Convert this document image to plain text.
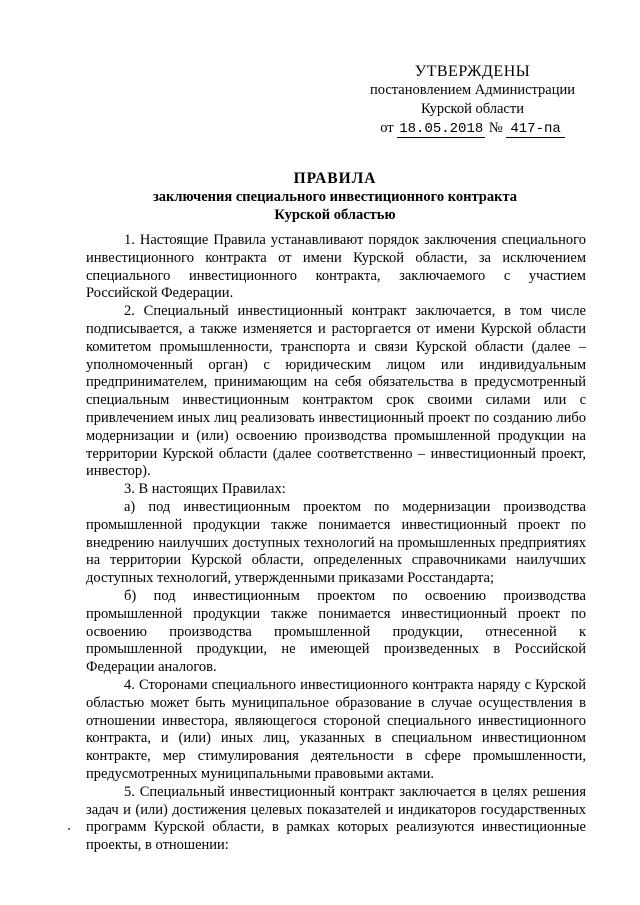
УТВЕРЖДЕНЫ
постановлением Администрации
Курской области
от 18.05.2018 № 417-па
ПРАВИЛА
заключения специального инвестиционного контракта
Курской областью

1. Настоящие Правила устанавливают порядок заключения специального инвестиционного контракта от имени Курской области, за исключением специального инвестиционного контракта, заключаемого с участием Российской Федерации.

2. Специальный инвестиционный контракт заключается, в том числе подписывается, а также изменяется и расторгается от имени Курской области комитетом промышленности, транспорта и связи Курской области (далее – уполномоченный орган) с юридическим лицом или индивидуальным предпринимателем, принимающим на себя обязательства в предусмотренный специальным инвестиционным контрактом срок своими силами или с привлечением иных лиц реализовать инвестиционный проект по созданию либо модернизации и (или) освоению производства промышленной продукции на территории Курской области (далее соответственно – инвестиционный проект, инвестор).

3. В настоящих Правилах:

а) под инвестиционным проектом по модернизации производства промышленной продукции также понимается инвестиционный проект по внедрению наилучших доступных технологий на промышленных предприятиях на территории Курской области, определенных справочниками наилучших доступных технологий, утвержденными приказами Росстандарта;

б) под инвестиционным проектом по освоению производства промышленной продукции также понимается инвестиционный проект по освоению производства промышленной продукции, отнесенной к промышленной продукции, не имеющей произведенных в Российской Федерации аналогов.

4. Сторонами специального инвестиционного контракта наряду с Курской областью может быть муниципальное образование в случае осуществления в отношении инвестора, являющегося стороной специального инвестиционного контракта, и (или) иных лиц, указанных в специальном инвестиционном контракте, мер стимулирования деятельности в сфере промышленности, предусмотренных муниципальными правовыми актами.

5. Специальный инвестиционный контракт заключается в целях решения задач и (или) достижения целевых показателей и индикаторов государственных программ Курской области, в рамках которых реализуются инвестиционные проекты, в отношении:
